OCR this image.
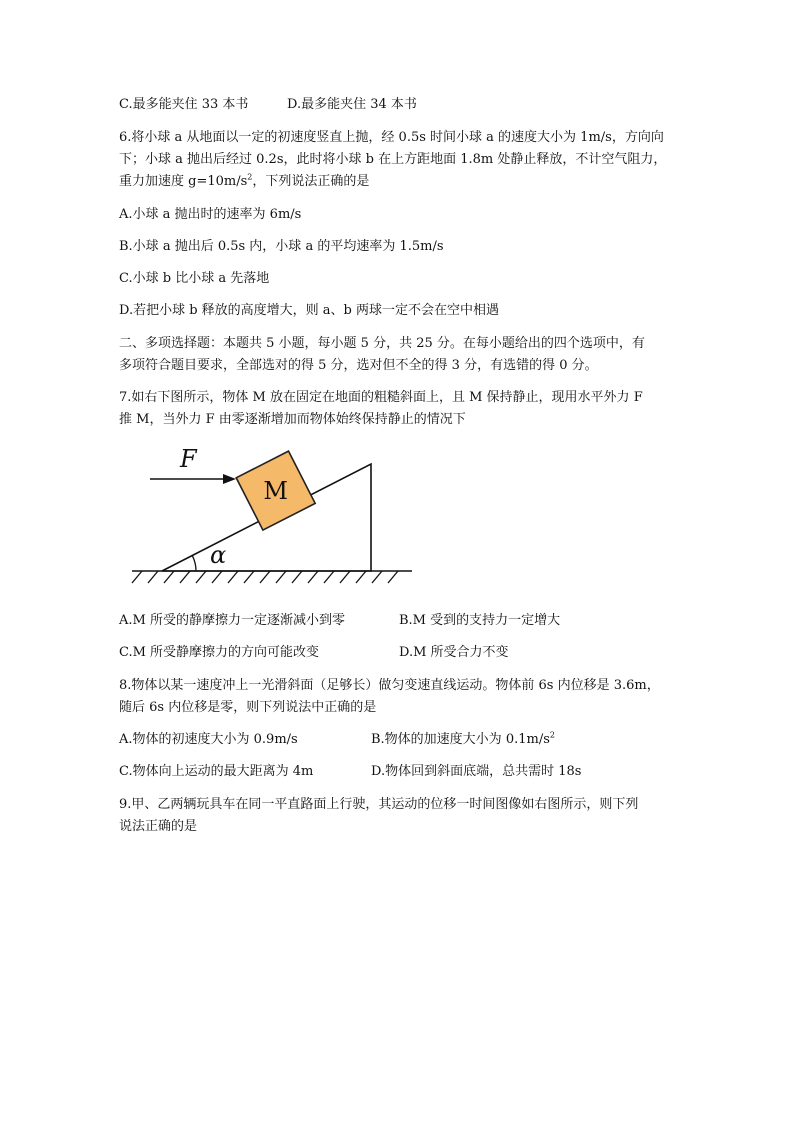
C.最多能夹住 33 本书	D.最多能夹住 34 本书
6.将小球 a 从地面以一定的初速度竖直上抛，经 0.5s 时间小球 a 的速度大小为 1m/s，方向向
下；小球 a 抛出后经过 0.2s，此时将小球 b 在上方距地面 1.8m 处静止释放，不计空气阻力，
重力加速度 $g=10m/s^2$，下列说法正确的是
A.小球 a 抛出时的速率为 6m/s
B.小球 a 抛出后 0.5s 内，小球 a 的平均速率为 1.5m/s
C.小球 b 比小球 a 先落地
D.若把小球 b 释放的高度增大，则 a、b 两球一定不会在空中相遇
二、多项选择题：本题共 5 小题，每小题 5 分，共 25 分。在每小题给出的四个选项中，有
多项符合题目要求，全部选对的得 5 分，选对但不全的得 3 分，有选错的得 0 分。
7.如右下图所示，物体 M 放在固定在地面的粗糙斜面上，且 M 保持静止，现用水平外力 F
推 M，当外力 F 由零逐渐增加而物体始终保持静止的情况下
α
M
F
A.M 所受的静摩擦力一定逐渐减小到零	B.M 受到的支持力一定增大
C.M 所受静摩擦力的方向可能改变	D.M 所受合力不变
8.物体以某一速度冲上一光滑斜面（足够长）做匀变速直线运动。物体前 6s 内位移是 3.6m，
随后 6s 内位移是零，则下列说法中正确的是
A.物体的初速度大小为 0.9m/s	B.物体的加速度大小为 $0.1m/s^2$
C.物体向上运动的最大距离为 4m	D.物体回到斜面底端，总共需时 18s
9.甲、乙两辆玩具车在同一平直路面上行驶，其运动的位移一时间图像如右图所示，则下列
说法正确的是
